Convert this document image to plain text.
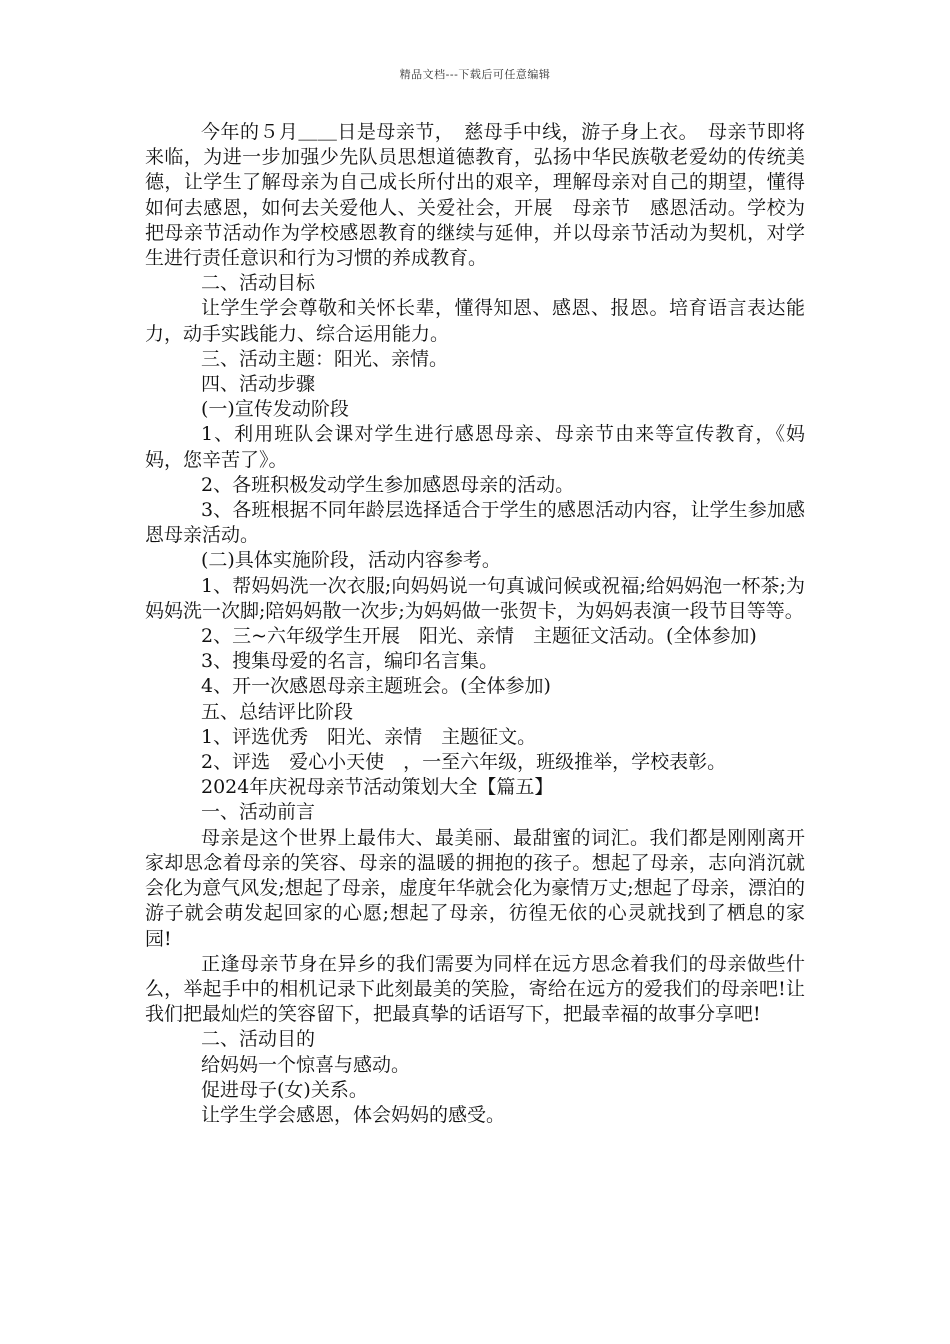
精品文档---下载后可任意编辑

今年的５月＿＿日是母亲节，　慈母手中线，游子身上衣。　母亲节即将来临，为进一步加强少先队员思想道德教育，弘扬中华民族敬老爱幼的传统美德，让学生了解母亲为自己成长所付出的艰辛，理解母亲对自己的期望，懂得如何去感恩，如何去关爱他人、关爱社会，开展　母亲节　感恩活动。学校为把母亲节活动作为学校感恩教育的继续与延伸，并以母亲节活动为契机，对学生进行责任意识和行为习惯的养成教育。

二、活动目标

让学生学会尊敬和关怀长辈，懂得知恩、感恩、报恩。培育语言表达能力，动手实践能力、综合运用能力。

三、活动主题：阳光、亲情。

四、活动步骤

(一)宣传发动阶段

1、利用班队会课对学生进行感恩母亲、母亲节由来等宣传教育，《妈妈，您辛苦了》。

2、各班积极发动学生参加感恩母亲的活动。

3、各班根据不同年龄层选择适合于学生的感恩活动内容，让学生参加感恩母亲活动。

(二)具体实施阶段，活动内容参考。

1、帮妈妈洗一次衣服;向妈妈说一句真诚问候或祝福;给妈妈泡一杯茶;为妈妈洗一次脚;陪妈妈散一次步;为妈妈做一张贺卡，为妈妈表演一段节目等等。

2、三~六年级学生开展　阳光、亲情　主题征文活动。(全体参加)

3、搜集母爱的名言，编印名言集。

4、开一次感恩母亲主题班会。(全体参加)

五、总结评比阶段

1、评选优秀　阳光、亲情　主题征文。

2、评选　爱心小天使　，一至六年级，班级推举，学校表彰。

2024年庆祝母亲节活动策划大全【篇五】

一、活动前言

母亲是这个世界上最伟大、最美丽、最甜蜜的词汇。我们都是刚刚离开家却思念着母亲的笑容、母亲的温暖的拥抱的孩子。想起了母亲，志向消沉就会化为意气风发;想起了母亲，虚度年华就会化为豪情万丈;想起了母亲，漂泊的游子就会萌发起回家的心愿;想起了母亲，彷徨无依的心灵就找到了栖息的家园!

正逢母亲节身在异乡的我们需要为同样在远方思念着我们的母亲做些什么，举起手中的相机记录下此刻最美的笑脸，寄给在远方的爱我们的母亲吧!让我们把最灿烂的笑容留下，把最真挚的话语写下，把最幸福的故事分享吧!

二、活动目的

给妈妈一个惊喜与感动。

促进母子(女)关系。

让学生学会感恩，体会妈妈的感受。
